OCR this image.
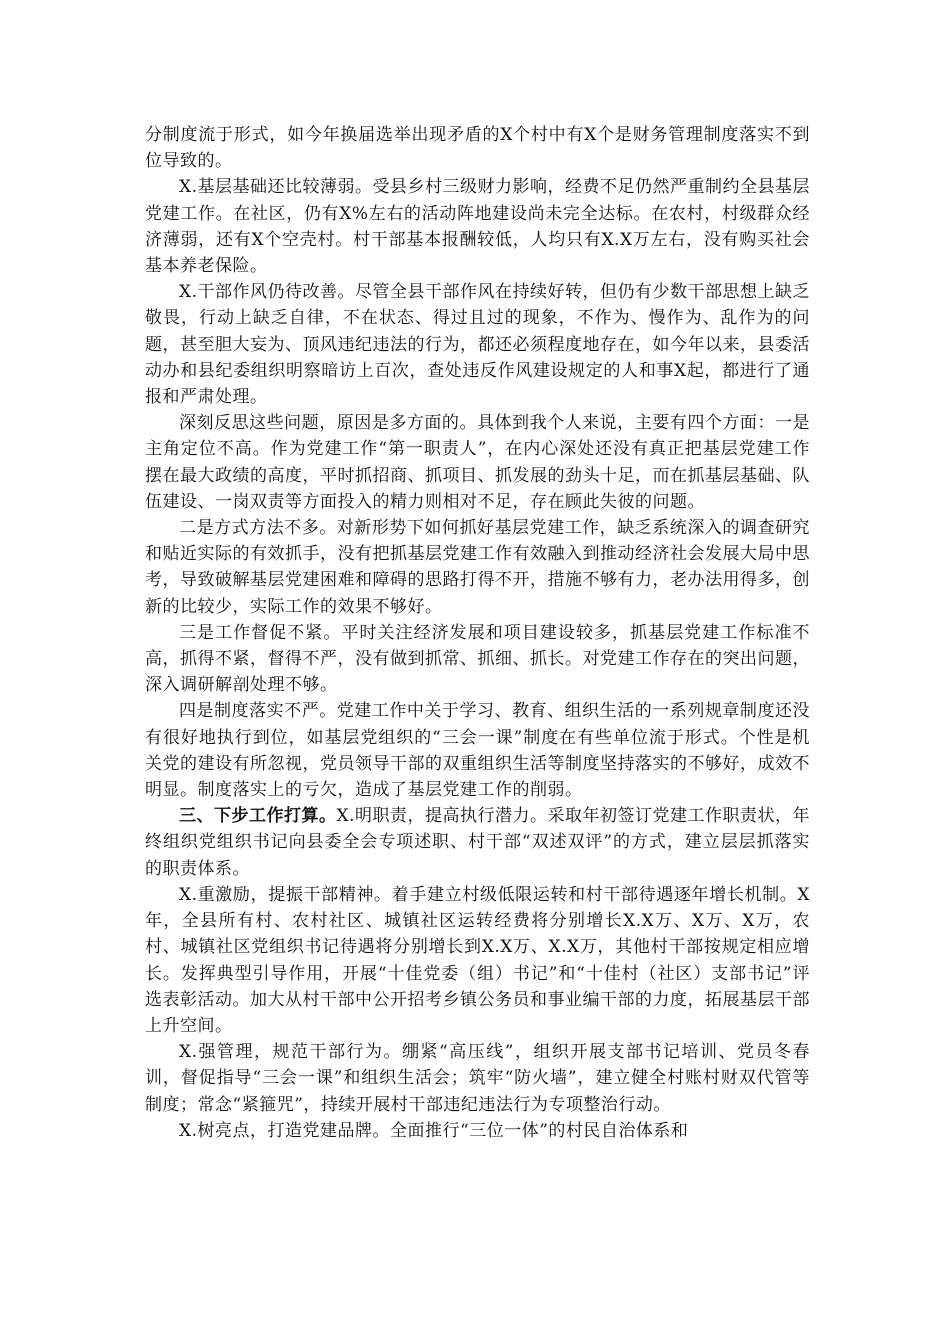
分制度流于形式，如今年换届选举出现矛盾的X个村中有X个是财务管理制度落实不到位导致的。

X.基层基础还比较薄弱。受县乡村三级财力影响，经费不足仍然严重制约全县基层党建工作。在社区，仍有X%左右的活动阵地建设尚未完全达标。在农村，村级群众经济薄弱，还有X个空壳村。村干部基本报酬较低，人均只有X.X万左右，没有购买社会基本养老保险。

X.干部作风仍待改善。尽管全县干部作风在持续好转，但仍有少数干部思想上缺乏敬畏，行动上缺乏自律，不在状态、得过且过的现象，不作为、慢作为、乱作为的问题，甚至胆大妄为、顶风违纪违法的行为，都还必须程度地存在，如今年以来，县委活动办和县纪委组织明察暗访上百次，查处违反作风建设规定的人和事X起，都进行了通报和严肃处理。

深刻反思这些问题，原因是多方面的。具体到我个人来说，主要有四个方面：一是主角定位不高。作为党建工作“第一职责人”，在内心深处还没有真正把基层党建工作摆在最大政绩的高度，平时抓招商、抓项目、抓发展的劲头十足，而在抓基层基础、队伍建设、一岗双责等方面投入的精力则相对不足，存在顾此失彼的问题。

二是方式方法不多。对新形势下如何抓好基层党建工作，缺乏系统深入的调查研究和贴近实际的有效抓手，没有把抓基层党建工作有效融入到推动经济社会发展大局中思考，导致破解基层党建困难和障碍的思路打得不开，措施不够有力，老办法用得多，创新的比较少，实际工作的效果不够好。

三是工作督促不紧。平时关注经济发展和项目建设较多，抓基层党建工作标准不高，抓得不紧，督得不严，没有做到抓常、抓细、抓长。对党建工作存在的突出问题，深入调研解剖处理不够。

四是制度落实不严。党建工作中关于学习、教育、组织生活的一系列规章制度还没有很好地执行到位，如基层党组织的“三会一课”制度在有些单位流于形式。个性是机关党的建设有所忽视，党员领导干部的双重组织生活等制度坚持落实的不够好，成效不明显。制度落实上的亏欠，造成了基层党建工作的削弱。

三、下步工作打算。X.明职责，提高执行潜力。采取年初签订党建工作职责状，年终组织党组织书记向县委全会专项述职、村干部“双述双评”的方式，建立层层抓落实的职责体系。

X.重激励，提振干部精神。着手建立村级低限运转和村干部待遇逐年增长机制。X年，全县所有村、农村社区、城镇社区运转经费将分别增长X.X万、X万、X万，农村、城镇社区党组织书记待遇将分别增长到X.X万、X.X万，其他村干部按规定相应增长。发挥典型引导作用，开展“十佳党委（组）书记”和“十佳村（社区）支部书记”评选表彰活动。加大从村干部中公开招考乡镇公务员和事业编干部的力度，拓展基层干部上升空间。

X.强管理，规范干部行为。绷紧“高压线”，组织开展支部书记培训、党员冬春训，督促指导“三会一课”和组织生活会；筑牢“防火墙”，建立健全村账村财双代管等制度；常念“紧箍咒”，持续开展村干部违纪违法行为专项整治行动。

X.树亮点，打造党建品牌。全面推行“三位一体”的村民自治体系和
